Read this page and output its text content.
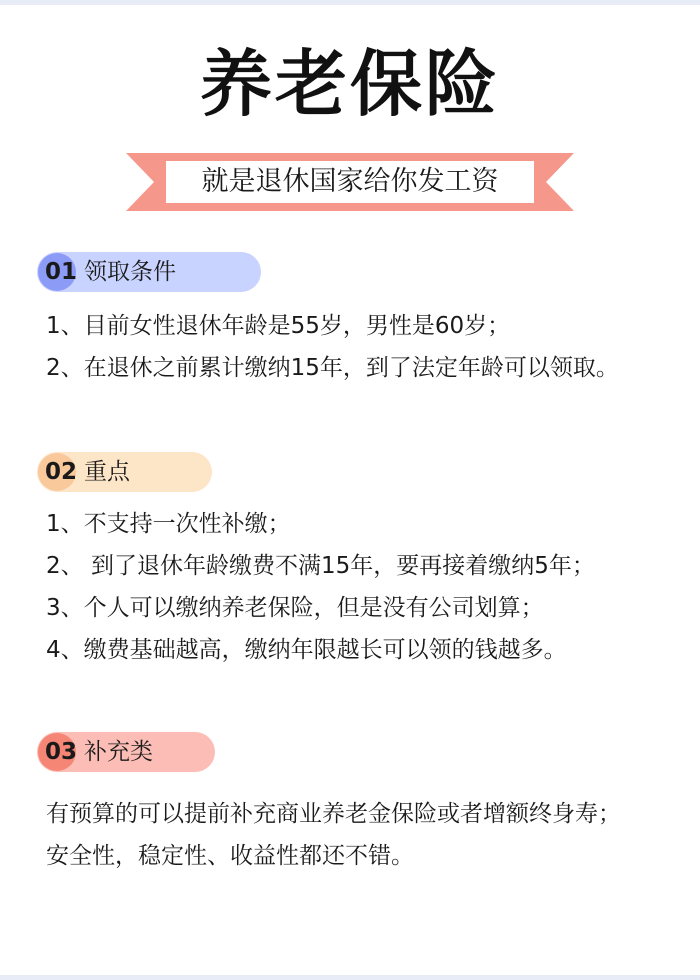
养老保险
就是退休国家给你发工资
01 领取条件

1、目前女性退休年龄是55岁，男性是60岁；

2、在退休之前累计缴纳15年，到了法定年龄可以领取。

02 重点

1、不支持一次性补缴；

2、 到了退休年龄缴费不满15年，要再接着缴纳5年；

3、个人可以缴纳养老保险，但是没有公司划算；

4、缴费基础越高，缴纳年限越长可以领的钱越多。

03 补充类

有预算的可以提前补充商业养老金保险或者增额终身寿；

安全性，稳定性、收益性都还不错。
